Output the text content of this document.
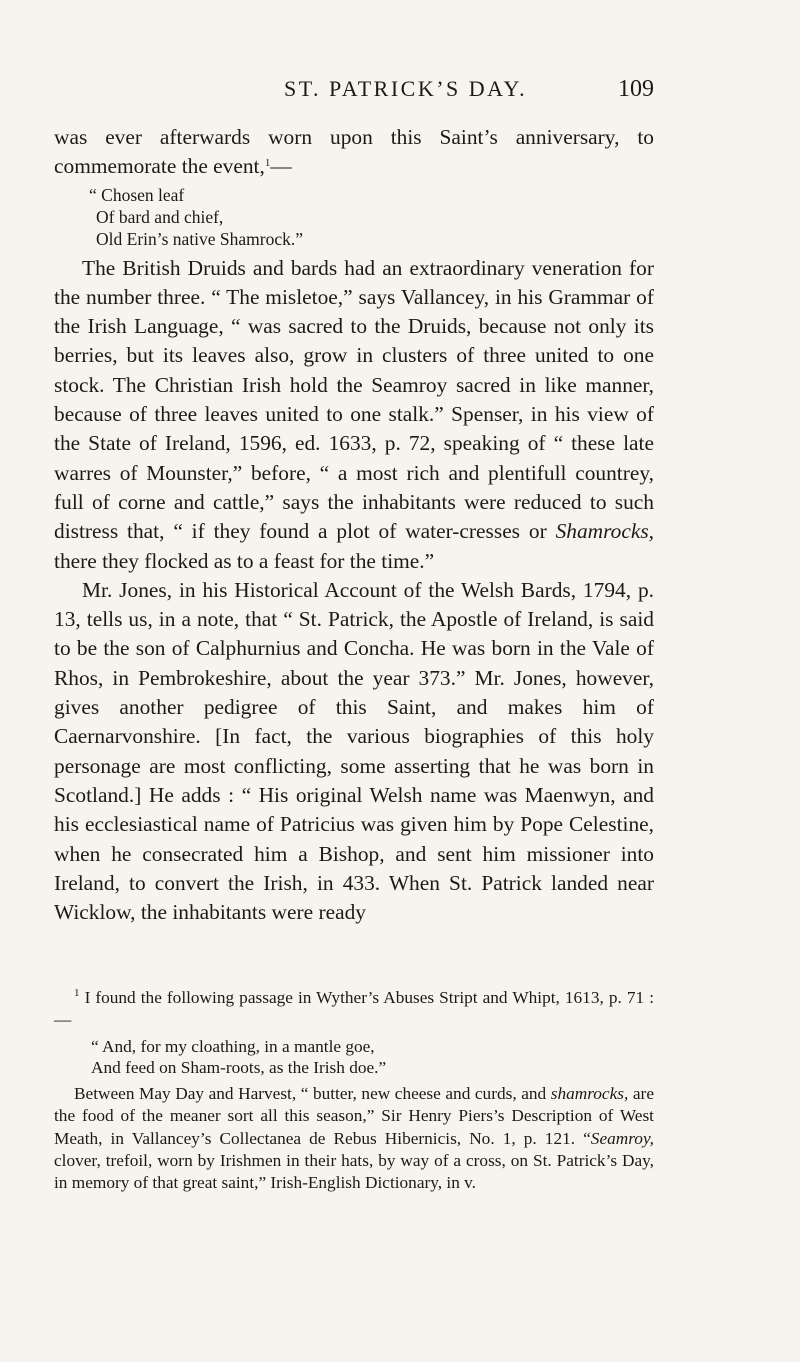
ST. PATRICK’S DAY.	109

was ever afterwards worn upon this Saint’s anniversary, to commemorate the event,$^1$—

“ Chosen leaf
Of bard and chief,
Old Erin’s native Shamrock.”

The British Druids and bards had an extraordinary veneration for the number three. “ The misletoe,” says Vallancey, in his Grammar of the Irish Language, “ was sacred to the Druids, because not only its berries, but its leaves also, grow in clusters of three united to one stock. The Christian Irish hold the Seamroy sacred in like manner, because of three leaves united to one stalk.” Spenser, in his view of the State of Ireland, 1596, ed. 1633, p. 72, speaking of “ these late warres of Mounster,” before, “ a most rich and plentifull countrey, full of corne and cattle,” says the inhabitants were reduced to such distress that, “ if they found a plot of water-cresses or Shamrocks, there they flocked as to a feast for the time.”

Mr. Jones, in his Historical Account of the Welsh Bards, 1794, p. 13, tells us, in a note, that “ St. Patrick, the Apostle of Ireland, is said to be the son of Calphurnius and Concha. He was born in the Vale of Rhos, in Pembrokeshire, about the year 373.” Mr. Jones, however, gives another pedigree of this Saint, and makes him of Caernarvonshire. [In fact, the various biographies of this holy personage are most conflicting, some asserting that he was born in Scotland.] He adds : “ His original Welsh name was Maenwyn, and his ecclesiastical name of Patricius was given him by Pope Celestine, when he consecrated him a Bishop, and sent him missioner into Ireland, to convert the Irish, in 433. When St. Patrick landed near Wicklow, the inhabitants were ready

$^1$ I found the following passage in Wyther’s Abuses Stript and Whipt, 1613, p. 71 : —

“ And, for my cloathing, in a mantle goe,
And feed on Sham-roots, as the Irish doe.”

Between May Day and Harvest, “ butter, new cheese and curds, and shamrocks, are the food of the meaner sort all this season,” Sir Henry Piers’s Description of West Meath, in Vallancey’s Collectanea de Rebus Hibernicis, No. 1, p. 121. “Seamroy, clover, trefoil, worn by Irishmen in their hats, by way of a cross, on St. Patrick’s Day, in memory of that great saint,” Irish-English Dictionary, in v.
